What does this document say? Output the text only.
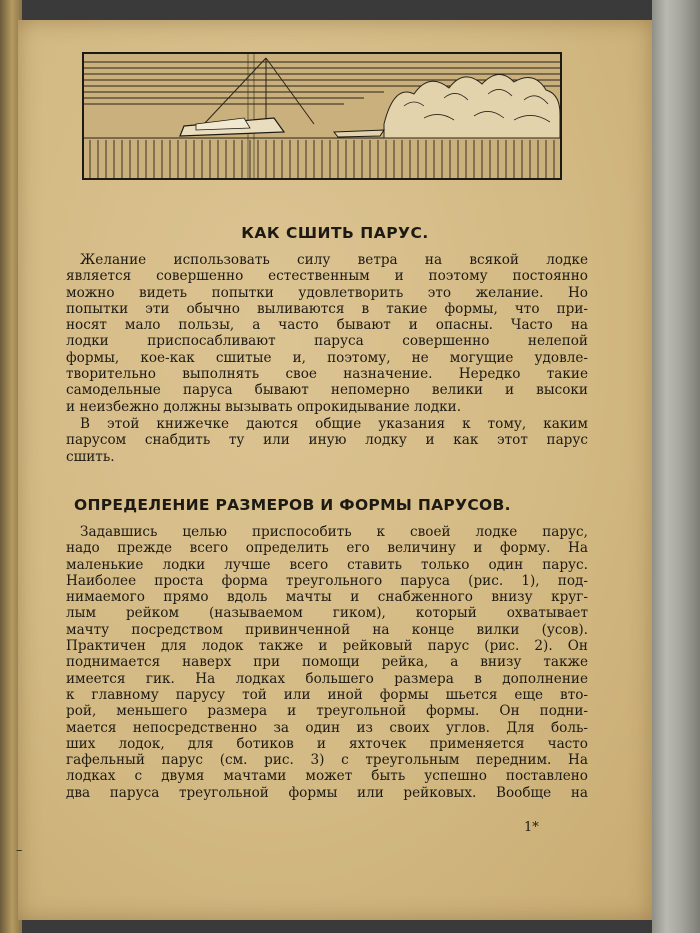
КАК СШИТЬ ПАРУС.
Желание использовать силу ветра на всякой лодке
является совершенно естественным и поэтому постоянно
можно видеть попытки удовлетворить это желание. Но
попытки эти обычно выливаются в такие формы, что при-
носят мало пользы, а часто бывают и опасны. Часто на
лодки приспосабливают паруса совершенно нелепой
формы, кое-как сшитые и, поэтому, не могущие удовле-
творительно выполнять свое назначение. Нередко такие
самодельные паруса бывают непомерно велики и высоки
и неизбежно должны вызывать опрокидывание лодки.
В этой книжечке даются общие указания к тому, каким
парусом снабдить ту или иную лодку и как этот парус
сшить.
ОПРЕДЕЛЕНИЕ РАЗМЕРОВ И ФОРМЫ ПАРУСОВ.
Задавшись целью приспособить к своей лодке парус,
надо прежде всего определить его величину и форму. На
маленькие лодки лучше всего ставить только один парус.
Наиболее проста форма треугольного паруса (рис. 1), под-
нимаемого прямо вдоль мачты и снабженного внизу круг-
лым рейком (называемом гиком), который охватывает
мачту посредством привинченной на конце вилки (усов).
Практичен для лодок также и рейковый парус (рис. 2). Он
поднимается наверх при помощи рейка, а внизу также
имеется гик. На лодках большего размера в дополнение
к главному парусу той или иной формы шьется еще вто-
рой, меньшего размера и треугольной формы. Он подни-
мается непосредственно за один из своих углов. Для боль-
ших лодок, для ботиков и яхточек применяется часто
гафельный парус (см. рис. 3) с треугольным передним. На
лодках с двумя мачтами может быть успешно поставлено
два паруса треугольной формы или рейковых. Вообще на
1*
–
